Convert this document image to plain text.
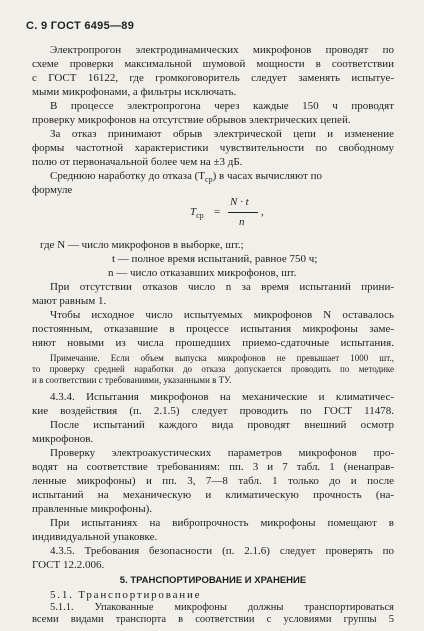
С. 9 ГОСТ 6495—89
Электропрогон электродинамических микрофонов проводят по
схеме проверки максимальной шумовой мощности в соответствии
с ГОСТ 16122, где громкоговоритель следует заменять испытуе-
мыми микрофонами, а фильтры исключать.
В процессе электропрогона через каждые 150 ч проводят
проверку микрофонов на отсутствие обрывов электрических цепей.
За отказ принимают обрыв электрической цепи и изменение
формы частотной характеристики чувствительности по свободному
полю от первоначальной более чем на ±3 дБ.
Среднюю наработку до отказа $(T_{ср})$ в часах вычисляют по
формуле
$T_{ср}$ =
N · t
n
,
где N — число микрофонов в выборке, шт.;
t — полное время испытаний, равное 750 ч;
n — число отказавших микрофонов, шт.
При отсутствии отказов число n за время испытаний прини-
мают равным 1.
Чтобы исходное число испытуемых микрофонов N оставалось
постоянным, отказавшие в процессе испытания микрофоны заме-
няют новыми из числа прошедших приемо-сдаточные испытания.
Примечание. Если объем выпуска микрофонов не превышает 1000 шт.,
то проверку средней наработки до отказа допускается проводить по методике
и в соответствии с требованиями, указанными в ТУ.
4.3.4. Испытания микрофонов на механические и климатичес-
кие воздействия (п. 2.1.5) следует проводить по ГОСТ 11478.
После испытаний каждого вида проводят внешний осмотр
микрофонов.
Проверку электроакустических параметров микрофонов про-
водят на соответствие требованиям: пп. 3 и 7 табл. 1 (ненаправ-
ленные микрофоны) и пп. 3, 7—8 табл. 1 только до и после
испытаний на механическую и климатическую прочность (на-
правленные микрофоны).
При испытаниях на вибропрочность микрофоны помещают в
индивидуальной упаковке.
4.3.5. Требования безопасности (п. 2.1.6) следует проверять по
ГОСТ 12.2.006.
5. ТРАНСПОРТИРОВАНИЕ И ХРАНЕНИЕ
5.1. Транспортирование
5.1.1. Упакованные микрофоны должны транспортироваться
всеми видами транспорта в соответствии с условиями группы 5
